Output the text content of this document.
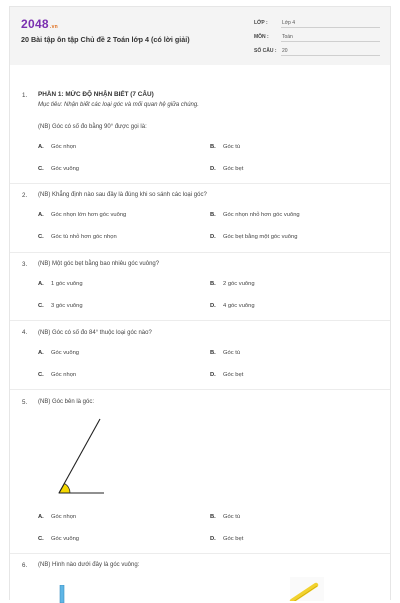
2048.vn
20 Bài tập ôn tập Chủ đề 2 Toán lớp 4 (có lời giải)
LỚP :	Lớp 4
MÔN :	Toán
SỐ CÂU : 20
1. PHẦN 1: MỨC ĐỘ NHẬN BIẾT (7 CÂU)
Mục tiêu: Nhận biết các loại góc và mối quan hệ giữa chúng.
(NB) Góc có số đo bằng 90° được gọi là:
A. Góc nhọn	B. Góc tù
C. Góc vuông	D. Góc bẹt
2. (NB) Khẳng định nào sau đây là đúng khi so sánh các loại góc?
A. Góc nhọn lớn hơn góc vuông	B. Góc nhọn nhỏ hơn góc vuông
C. Góc tù nhỏ hơn góc nhọn	D. Góc bẹt bằng một góc vuông
3. (NB) Một góc bẹt bằng bao nhiêu góc vuông?
A. 1 góc vuông	B. 2 góc vuông
C. 3 góc vuông	D. 4 góc vuông
4. (NB) Góc có số đo 84° thuộc loại góc nào?
A. Góc vuông	B. Góc tù
C. Góc nhọn	D. Góc bẹt
5. (NB) Góc bên là góc:
A. Góc nhọn	B. Góc tù
C. Góc vuông	D. Góc bẹt
6. (NB) Hình nào dưới đây là góc vuông:
